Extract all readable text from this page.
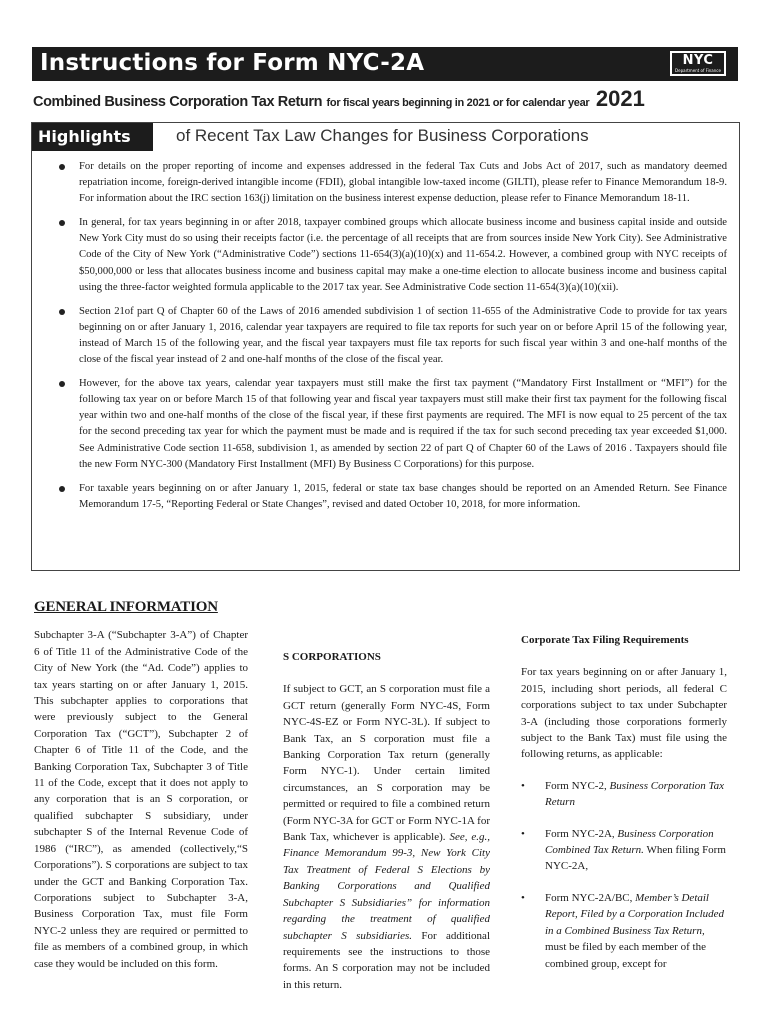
Instructions for Form NYC-2A	NYC
Department of Finance
Combined Business Corporation Tax Return for fiscal years beginning in 2021 or for calendar year 2021
Highlights	of Recent Tax Law Changes for Business Corporations
For details on the proper reporting of income and expenses addressed in the federal Tax Cuts and Jobs Act of 2017, such as mandatory deemed repatriation income, foreign-derived intangible income (FDII), global intangible low-taxed income (GILTI), please refer to Finance Memorandum 18-9. For information about the IRC section 163(j) limitation on the business interest expense deduction, please refer to Finance Memorandum 18-11.
In general, for tax years beginning in or after 2018, taxpayer combined groups which allocate business income and business capital inside and outside New York City must do so using their receipts factor (i.e. the percentage of all receipts that are from sources inside New York City). See Administrative Code of the City of New York (“Administrative Code”) sections 11-654(3)(a)(10)(x) and 11-654.2. However, a combined group with NYC receipts of $50,000,000 or less that allocates business income and business capital may make a one-time election to allocate business income and business capital using the three-factor weighted formula applicable to the 2017 tax year. See Administrative Code section 11-654(3)(a)(10)(xii).
Section 21of part Q of Chapter 60 of the Laws of 2016 amended subdivision 1 of section 11-655 of the Administrative Code to provide for tax years beginning on or after January 1, 2016, calendar year taxpayers are required to file tax reports for such year on or before April 15 of the following year, instead of March 15 of the following year, and the fiscal year taxpayers must file tax reports for such fiscal year within 3 and one-half months of the close of the fiscal year instead of 2 and one-half months of the close of the fiscal year.
However, for the above tax years, calendar year taxpayers must still make the first tax payment (“Mandatory First Installment or “MFI”) for the following tax year on or before March 15 of that following year and fiscal year taxpayers must still make their first tax payment for the following fiscal year within two and one-half months of the close of the fiscal year, if these first payments are required. The MFI is now equal to 25 percent of the tax for the second preceding tax year for which the payment must be made and is required if the tax for such second preceding tax year exceeded $1,000. See Administrative Code section 11-658, subdivision 1, as amended by section 22 of part Q of Chapter 60 of the Laws of 2016 . Taxpayers should file the new Form NYC-300 (Mandatory First Installment (MFI) By Business C Corporations) for this purpose.
For taxable years beginning on or after January 1, 2015, federal or state tax base changes should be reported on an Amended Return. See Finance Memorandum 17-5, “Reporting Federal or State Changes”, revised and dated October 10, 2018, for more information.
GENERAL INFORMATION

Subchapter 3-A (“Subchapter 3-A”) of Chapter 6 of Title 11 of the Administrative Code of the City of New York (the “Ad. Code”) applies to tax years starting on or after January 1, 2015. This subchapter applies to corporations that were previously subject to the General Corporation Tax (“GCT”), Subchapter 2 of Chapter 6 of Title 11 of the Code, and the Banking Corporation Tax, Subchapter 3 of Title 11 of the Code, except that it does not apply to any corporation that is an S corporation, or qualified subchapter S subsidiary, under subchapter S of the Internal Revenue Code of 1986 (“IRC”), as amended (collectively,“S Corporations”). S corporations are subject to tax under the GCT and Banking Corporation Tax. Corporations subject to Subchapter 3-A, Business Corporation Tax, must file Form NYC-2 unless they are required or permitted to file as members of a combined group, in which case they would be included on this form.

S CORPORATIONS

If subject to GCT, an S corporation must file a GCT return (generally Form NYC-4S, Form NYC-4S-EZ or Form NYC-3L). If subject to Bank Tax, an S corporation must file a Banking Corporation Tax return (generally Form NYC-1). Under certain limited circumstances, an S corporation may be permitted or required to file a combined return (Form NYC-3A for GCT or Form NYC-1A for Bank Tax, whichever is applicable). See, e.g., Finance Memorandum 99-3, New York City Tax Treatment of Federal S Elections by Banking Corporations and Qualified Subchapter S Subsidiaries” for information regarding the treatment of qualified subchapter S subsidiaries. For additional requirements see the instructions to those forms. An S corporation may not be included in this return.

Corporate Tax Filing Requirements

For tax years beginning on or after January 1, 2015, including short periods, all federal C corporations subject to tax under Subchapter 3-A (including those corporations formerly subject to the Bank Tax) must file using the following returns, as applicable:

• Form NYC-2, Business Corporation Tax Return
• Form NYC-2A, Business Corporation Combined Tax Return. When filing Form NYC-2A,
• Form NYC-2A/BC, Member’s Detail Report, Filed by a Corporation Included in a Combined Business Tax Return, must be filed by each member of the combined group, except for
